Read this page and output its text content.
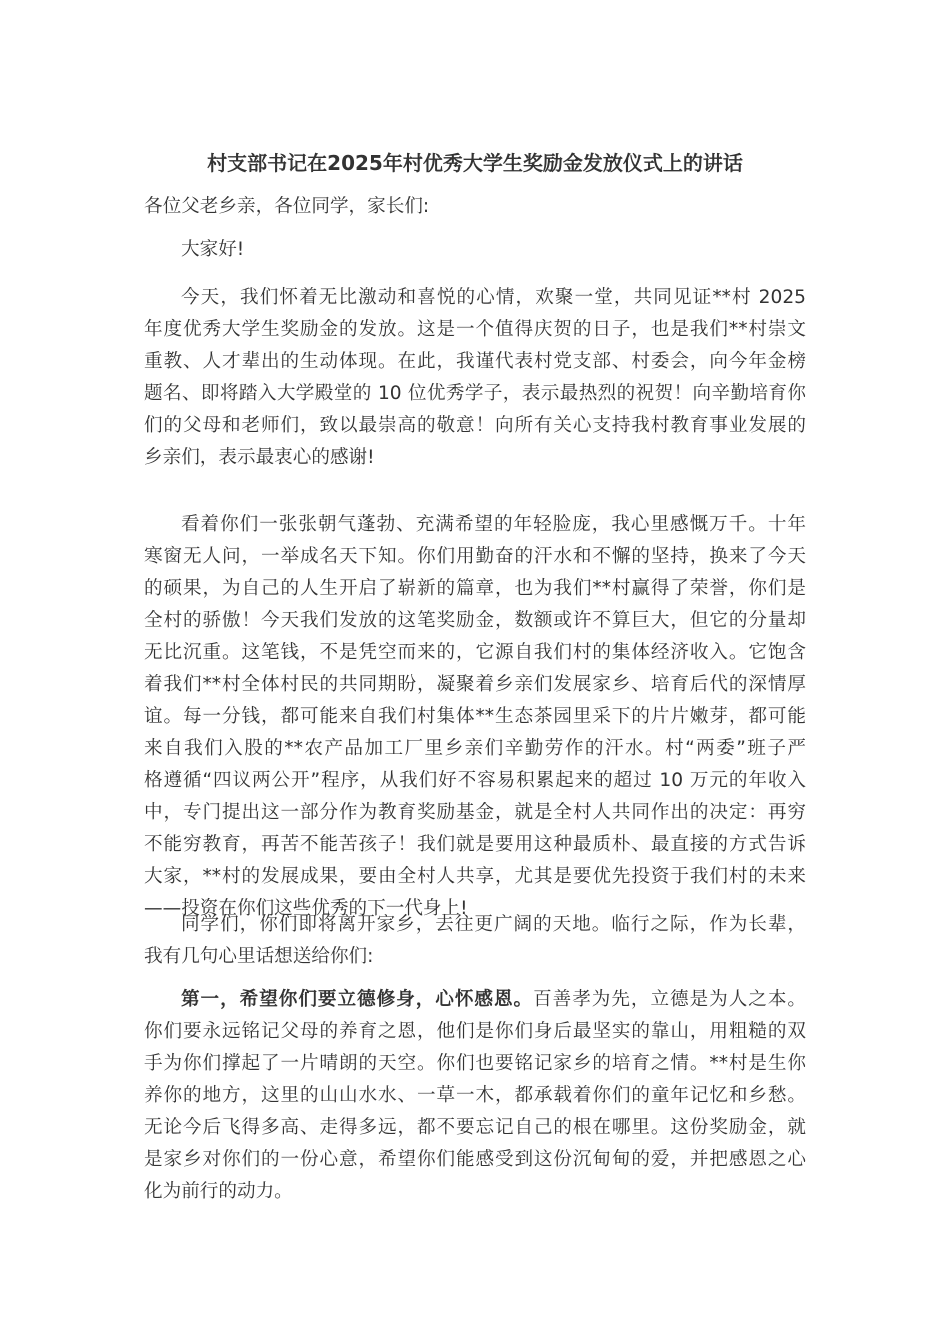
村支部书记在2025年村优秀大学生奖励金发放仪式上的讲话
各位父老乡亲，各位同学，家长们:
大家好!
今天，我们怀着无比激动和喜悦的心情，欢聚一堂，共同见证**村 2025
年度优秀大学生奖励金的发放。这是一个值得庆贺的日子，也是我们**村崇文
重教、人才辈出的生动体现。在此，我谨代表村党支部、村委会，向今年金榜
题名、即将踏入大学殿堂的 10 位优秀学子，表示最热烈的祝贺！向辛勤培育你
们的父母和老师们，致以最崇高的敬意！向所有关心支持我村教育事业发展的
乡亲们，表示最衷心的感谢!
看着你们一张张朝气蓬勃、充满希望的年轻脸庞，我心里感慨万千。十年
寒窗无人问，一举成名天下知。你们用勤奋的汗水和不懈的坚持，换来了今天
的硕果，为自己的人生开启了崭新的篇章，也为我们**村赢得了荣誉，你们是
全村的骄傲！今天我们发放的这笔奖励金，数额或许不算巨大，但它的分量却
无比沉重。这笔钱，不是凭空而来的，它源自我们村的集体经济收入。它饱含
着我们**村全体村民的共同期盼，凝聚着乡亲们发展家乡、培育后代的深情厚
谊。每一分钱，都可能来自我们村集体**生态茶园里采下的片片嫩芽，都可能
来自我们入股的**农产品加工厂里乡亲们辛勤劳作的汗水。村“两委”班子严
格遵循“四议两公开”程序，从我们好不容易积累起来的超过 10 万元的年收入
中，专门提出这一部分作为教育奖励基金，就是全村人共同作出的决定：再穷
不能穷教育，再苦不能苦孩子！我们就是要用这种最质朴、最直接的方式告诉
大家，**村的发展成果，要由全村人共享，尤其是要优先投资于我们村的未来
——投资在你们这些优秀的下一代身上!
同学们，你们即将离开家乡，去往更广阔的天地。临行之际，作为长辈，
我有几句心里话想送给你们:
第一，希望你们要立德修身，心怀感恩。百善孝为先，立德是为人之本。
你们要永远铭记父母的养育之恩，他们是你们身后最坚实的靠山，用粗糙的双
手为你们撑起了一片晴朗的天空。你们也要铭记家乡的培育之情。**村是生你
养你的地方，这里的山山水水、一草一木，都承载着你们的童年记忆和乡愁。
无论今后飞得多高、走得多远，都不要忘记自己的根在哪里。这份奖励金，就
是家乡对你们的一份心意，希望你们能感受到这份沉甸甸的爱，并把感恩之心
化为前行的动力。
